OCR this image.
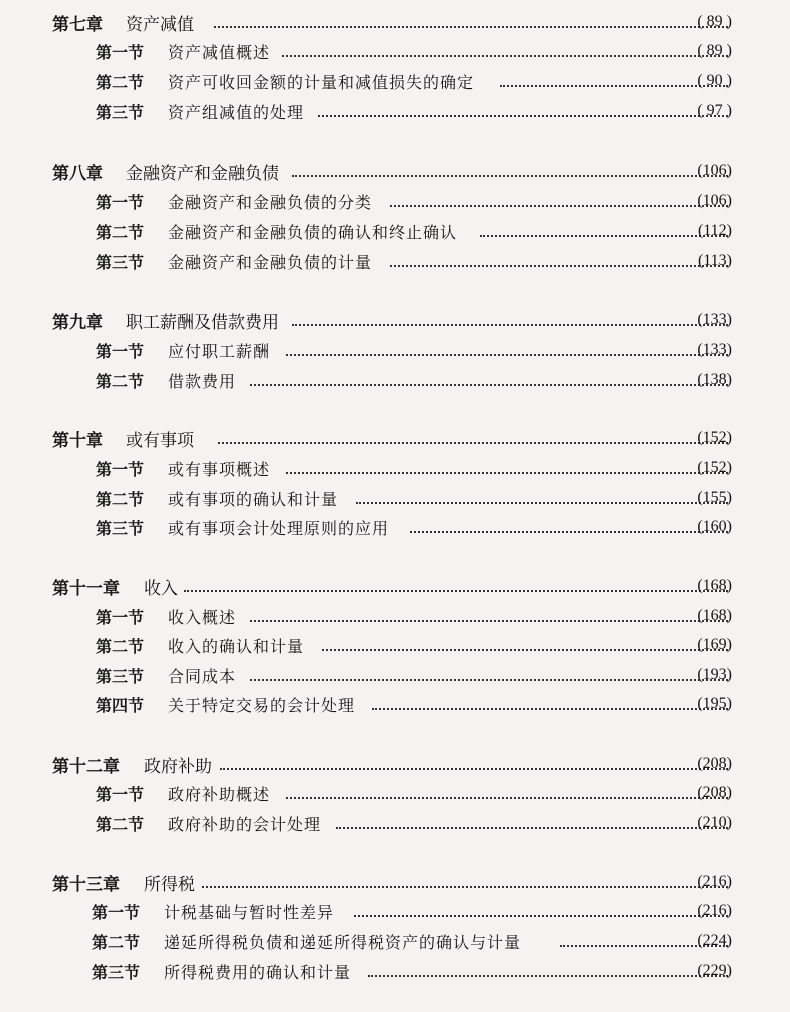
第七章 资产减值	( 89 )
第一节	资产减值概述	( 89 )
第二节	资产可收回金额的计量和减值损失的确定	( 90 )
第三节	资产组减值的处理	( 97 )
第八章 金融资产和金融负债	(106)
第一节	金融资产和金融负债的分类	(106)
第二节	金融资产和金融负债的确认和终止确认	(112)
第三节	金融资产和金融负债的计量	(113)
第九章 职工薪酬及借款费用	(133)
第一节	应付职工薪酬	(133)
第二节	借款费用	(138)
第十章 或有事项	(152)
第一节	或有事项概述	(152)
第二节	或有事项的确认和计量	(155)
第三节	或有事项会计处理原则的应用	(160)
第十一章 收入	(168)
第一节	收入概述	(168)
第二节	收入的确认和计量	(169)
第三节	合同成本	(193)
第四节	关于特定交易的会计处理	(195)
第十二章 政府补助	(208)
第一节	政府补助概述	(208)
第二节	政府补助的会计处理	(210)
第十三章 所得税	(216)
第一节	计税基础与暂时性差异	(216)
第二节	递延所得税负债和递延所得税资产的确认与计量	(224)
第三节	所得税费用的确认和计量	(229)
